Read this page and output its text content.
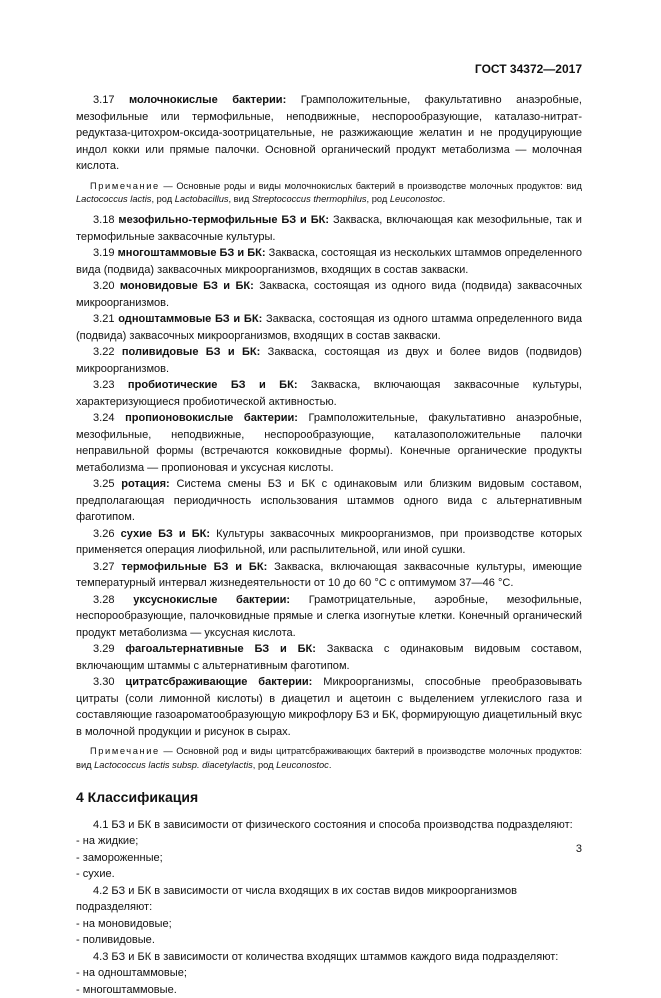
ГОСТ 34372—2017

3.17 молочнокислые бактерии: Грамположительные, факультативно анаэробные, мезофильные или термофильные, неподвижные, неспорообразующие, каталазо-нитрат-редуктаза-цитохром-оксида-зоотрицательные, не разжижающие желатин и не продуцирующие индол кокки или прямые палочки. Основной органический продукт метаболизма — молочная кислота.

Примечание — Основные роды и виды молочнокислых бактерий в производстве молочных продуктов: вид Lactococcus lactis, род Lactobacillus, вид Streptococcus thermophilus, род Leuconostoc.

3.18 мезофильно-термофильные БЗ и БК: Закваска, включающая как мезофильные, так и термофильные заквасочные культуры.

3.19 многоштаммовые БЗ и БК: Закваска, состоящая из нескольких штаммов определенного вида (подвида) заквасочных микроорганизмов, входящих в состав закваски.

3.20 моновидовые БЗ и БК: Закваска, состоящая из одного вида (подвида) заквасочных микроорганизмов.

3.21 одноштаммовые БЗ и БК: Закваска, состоящая из одного штамма определенного вида (подвида) заквасочных микроорганизмов, входящих в состав закваски.

3.22 поливидовые БЗ и БК: Закваска, состоящая из двух и более видов (подвидов) микроорганизмов.

3.23 пробиотические БЗ и БК: Закваска, включающая заквасочные культуры, характеризующиеся пробиотической активностью.

3.24 пропионовокислые бактерии: Грамположительные, факультативно анаэробные, мезофильные, неподвижные, неспорообразующие, каталазоположительные палочки неправильной формы (встречаются кокковидные формы). Конечные органические продукты метаболизма — пропионовая и уксусная кислоты.

3.25 ротация: Система смены БЗ и БК с одинаковым или близким видовым составом, предполагающая периодичность использования штаммов одного вида с альтернативным фаготипом.

3.26 сухие БЗ и БК: Культуры заквасочных микроорганизмов, при производстве которых применяется операция лиофильной, или распылительной, или иной сушки.

3.27 термофильные БЗ и БК: Закваска, включающая заквасочные культуры, имеющие температурный интервал жизнедеятельности от 10 до 60 °С с оптимумом 37—46 °С.

3.28 уксуснокислые бактерии: Грамотрицательные, аэробные, мезофильные, неспорообразующие, палочковидные прямые и слегка изогнутые клетки. Конечный органический продукт метаболизма — уксусная кислота.

3.29 фагоальтернативные БЗ и БК: Закваска с одинаковым видовым составом, включающим штаммы с альтернативным фаготипом.

3.30 цитратсбраживающие бактерии: Микроорганизмы, способные преобразовывать цитраты (соли лимонной кислоты) в диацетил и ацетоин с выделением углекислого газа и составляющие газоароматообразующую микрофлору БЗ и БК, формирующую диацетильный вкус в молочной продукции и рисунок в сырах.

Примечание — Основной род и виды цитратсбраживающих бактерий в производстве молочных продуктов: вид Lactococcus lactis subsp. diacetylactis, род Leuconostoc.

4 Классификация

4.1 БЗ и БК в зависимости от физического состояния и способа производства подразделяют:

- на жидкие;

- замороженные;

- сухие.

4.2 БЗ и БК в зависимости от числа входящих в их состав видов микроорганизмов подразделяют:

- на моновидовые;

- поливидовые.

4.3 БЗ и БК в зависимости от количества входящих штаммов каждого вида подразделяют:

- на одноштаммовые;

- многоштаммовые.

3
